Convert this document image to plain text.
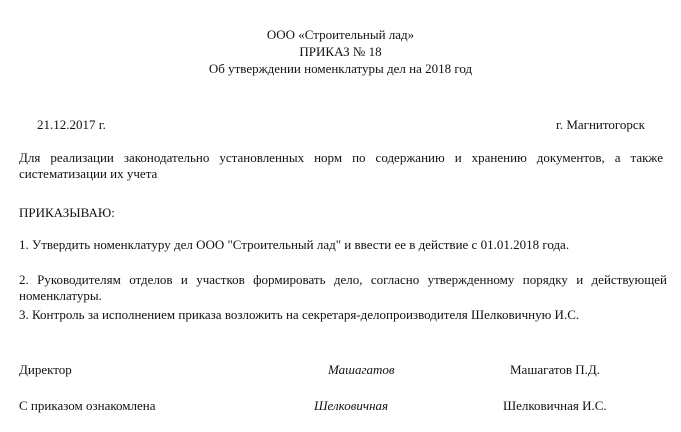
ООО «Строительный лад»
ПРИКАЗ № 18
Об утверждении номенклатуры дел на 2018 год
21.12.2017 г.	г. Магнитогорск
Для реализации законодательно установленных норм по содержанию и хранению документов, а также систематизации их учета
ПРИКАЗЫВАЮ:
1. Утвердить номенклатуру дел ООО "Строительный лад" и ввести ее в действие с 01.01.2018 года.
2. Руководителям отделов и участков формировать дело, согласно утвержденному порядку и действующей номенклатуры.
3. Контроль за исполнением приказа возложить на секретаря-делопроизводителя Шелковичную И.С.
Директор	Машагатов	Машагатов П.Д.
С приказом ознакомлена	Шелковичная	Шелковичная И.С.
